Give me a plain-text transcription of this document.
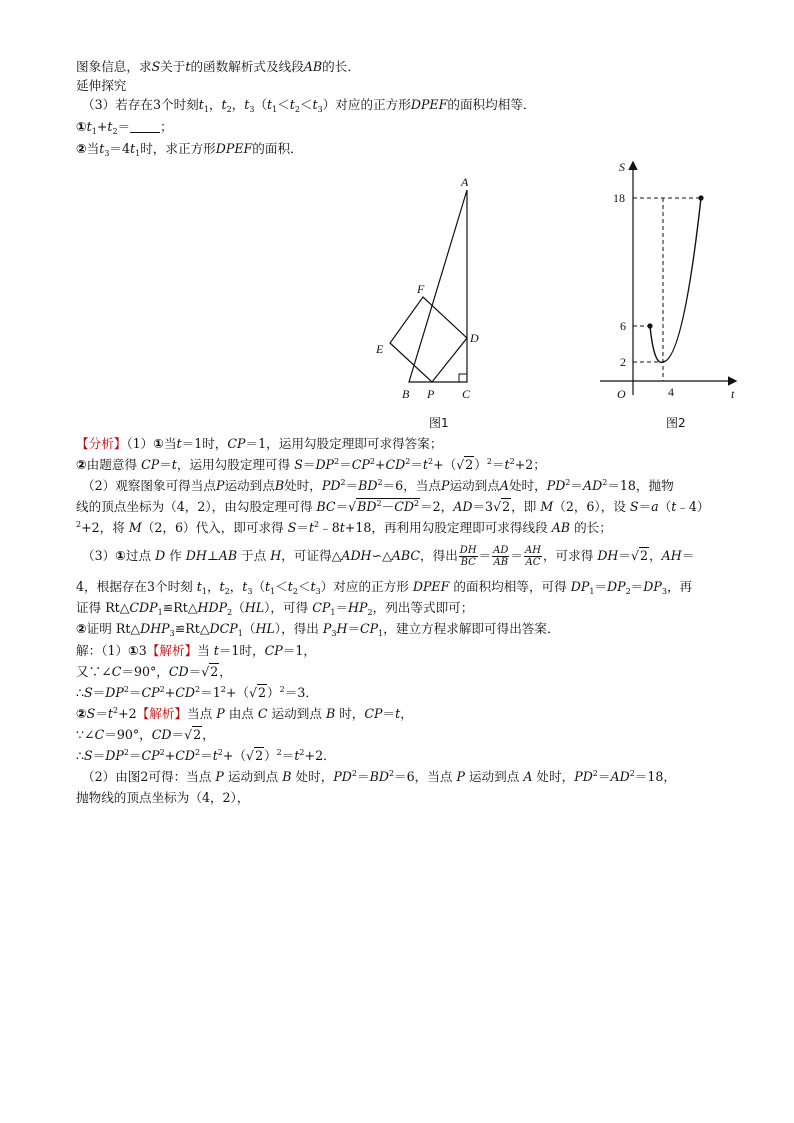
图象信息，求S关于t的函数解析式及线段AB的长．
延伸探究
（3）若存在3个时刻$t_1$，$t_2$，$t_3(t_1<t_2<t_3)$对应的正方形DPEF的面积均相等．
$①t_1+t_2=$ ；
②当$t_3=4t_1$时，求正方形DPEF的面积．
A
F
D
E
B P C
图1
S
t
O
18
6
2
4
图2
【分析】（1）①当t＝1时，CP＝1，运用勾股定理即可求得答案；
②由题意得 CP＝t，运用勾股定理可得 $S=DP^2=CP^2+CD^2=t^2+(√2)^2=t^2+2$；
（2）观察图象可得当点P运动到点B处时，$PD^2=BD^2=6$，当点P运动到点A处时，$PD^2=AD^2=18$，抛物
线的顶点坐标为（4，2），由勾股定理可得 $BC=√BD^2-CD^2=2$，AD＝3√2，即 M（2，6），设 S＝a（t﹣4）
$^2$+2，将 M（2，6）代入，即可求得 $S=t^2﹣8t+18$，再利用勾股定理即可求得线段 AB 的长；
（3）①过点 D 作 DH⊥AB 于点 H，可证得△ADH∽△ABC，得出 $\frac{DH}{BC} = \frac{AD}{AB} = \frac{AH}{AC}$ ，可求得 DH＝√2，AH＝
4，根据存在3个时刻 $t_1$，$t_2$，$t_3(t_1<t_2<t_3)$对应的正方形 DPEF 的面积均相等，可得 $DP_1=DP_2=DP_3$，再
证得 $Rt\triangle CDP_1≌Rt\triangle HDP_2(HL)$，可得 $CP_1=HP_2$，列出等式即可；
②证明 $Rt\triangle DHP_3≌Rt\triangle DCP_1(HL)$，得出 $P_3H=CP_1$，建立方程求解即可得出答案．
解：（1）①3【解析】当 t＝1时，CP＝1，
又∵∠C＝90°，CD＝√2，
$\therefore S=DP^2=CP^2+CD^2=1^2+(√2)^2=3$．
$②S=t^2+2$【解析】当点 P 由点 C 运动到点 B 时，CP＝t，
∵∠C＝90°，CD＝√2，
$\therefore S=DP^2=CP^2+CD^2=t^2+(√2)^2=t^2+2$．
（2）由图2可得：当点 P 运动到点 B 处时，$PD^2=BD^2=6$，当点 P 运动到点 A 处时，$PD^2=AD^2=18$，
抛物线的顶点坐标为（4，2），
